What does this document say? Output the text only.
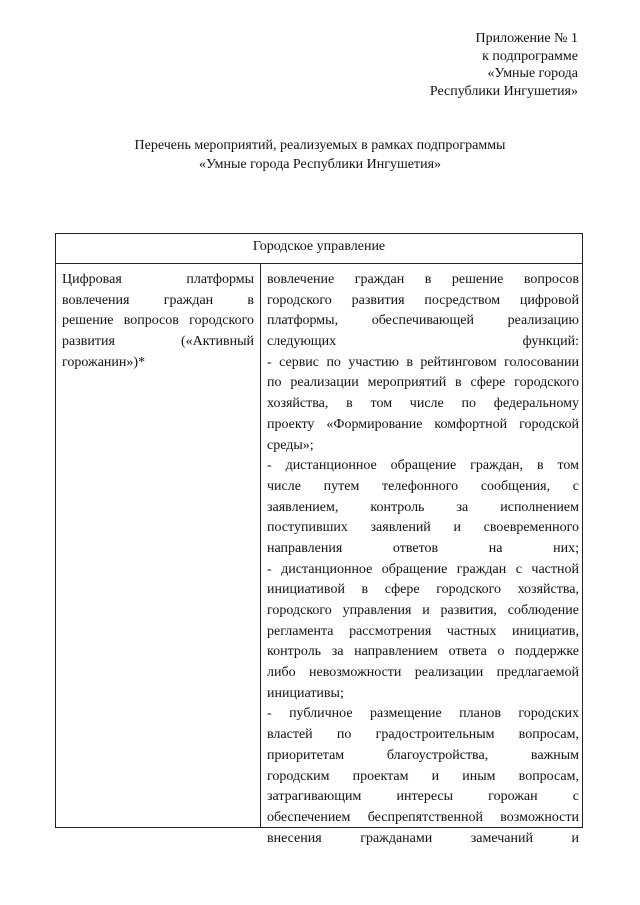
Приложение № 1
к подпрограмме
«Умные города
Республики Ингушетия»
Перечень мероприятий, реализуемых в рамках подпрограммы
«Умные города Республики Ингушетия»
Городское управление
Цифровая платформы
вовлечения граждан в
решение вопросов городского
развития («Активный
горожанин»)*
вовлечение граждан в решение вопросов
городского развития посредством цифровой
платформы, обеспечивающей реализацию
следующих функций:
- сервис по участию в рейтинговом голосовании
по реализации мероприятий в сфере городского
хозяйства, в том числе по федеральному
проекту «Формирование комфортной городской
среды»;
- дистанционное обращение граждан, в том
числе путем телефонного сообщения, с
заявлением, контроль за исполнением
поступивших заявлений и своевременного
направления ответов на них;
- дистанционное обращение граждан с частной
инициативой в сфере городского хозяйства,
городского управления и развития, соблюдение
регламента рассмотрения частных инициатив,
контроль за направлением ответа о поддержке
либо невозможности реализации предлагаемой
инициативы;
- публичное размещение планов городских
властей по градостроительным вопросам,
приоритетам благоустройства, важным
городским проектам и иным вопросам,
затрагивающим интересы горожан с
обеспечением беспрепятственной возможности
внесения гражданами замечаний и
